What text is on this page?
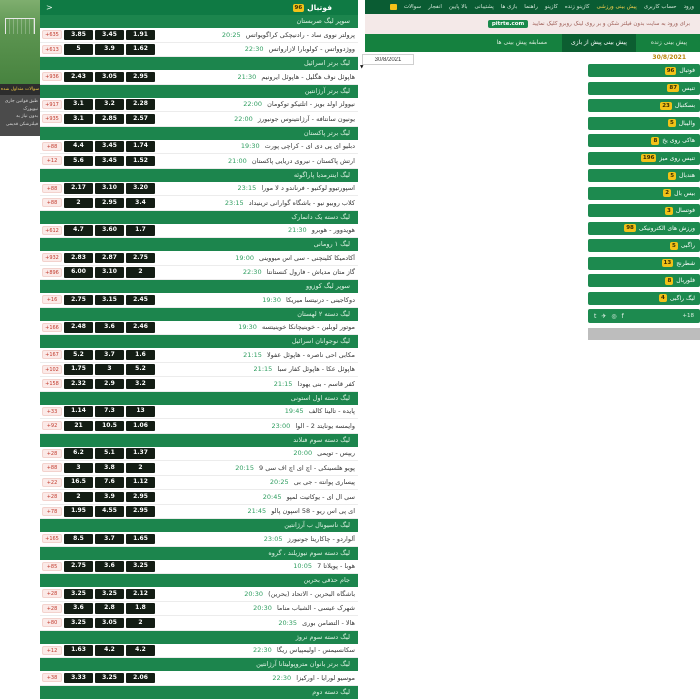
سوالات متداول شده
طبق قوانین جاری نیویورک
بدون نیاز به فیلترشکن قدیمی
فوتبال
96
<
سوپر لیگ صربستان
+635	3.85	3.45	1.91	پرولتر نووی ساد - رادنیچکی کراگویواتس 20:25
+613	5	3.9	1.62	ووژدوواتس - کولوبارا لازارواتس 22:30
لیگ برتر اسرائیل
+936	2.43	3.05	2.95	هاپوئل نوف هگلیل - هاپوئل ایرونیم 21:30
لیگ برتر آرژانتین
+917	3.1	3.2	2.28	نیوولز اولد بویز - اتلتیکو توکومان 22:00
+935	3.1	2.85	2.57	یونیون سانتافه - آرژانتینوس جونیورز 22:00
لیگ برتر پاکستان
+88	4.4	3.45	1.74	دبلیو ای پی دی ای - کراچی پورت 19:30
+12	5.6	3.45	1.52	ارتش پاکستان - نیروی دریایی پاکستان 21:00
لیگ اینترمدیا پاراگوئه
+88	2.17	3.10	3.20	اسپورتیوو لوکنیو - فرناندو د لا مورا 23:15
+88	2	2.95	3.4	کلاب روبیو نیو - باشگاه گوارانی ترینیداد 23:15
لیگ دسته یک دانمارک
+612	4.7	3.60	1.7	هویدوور - هوبرو 21:30
لیگ ۱ رومانی
+932	2.83	2.87	2.75	آکادمیکا کلینچنی - سی اس میووینی 19:00
+896	6.00	3.10	2	گاز متان مدیاش - فارول کنستانتا 22:30
سوپر لیگ کوزوو
+16	2.75	3.15	2.45	دوکاجینی - درنیتسا میریکا 19:30
لیگ دسته ۲ لهستان
+166	2.48	3.6	2.46	موتور لوبلین - خوینیچانکا خوینیتسه 19:30
لیگ نوجوانان اسرائیل
+167	5.2	3.7	1.6	مکابی احی ناصره - هاپوئل عفولا 21:15
+102	1.75	3	5.2	هاپوئل عکا - هاپوئل کفار سبا 21:15
+158	2.32	2.9	3.2	کفر قاسم - بنی یهودا 21:15
لیگ دسته اول استونی
+33	1.14	7.3	13	پایده - تالینا کالف 19:45
+92	21	10.5	1.06	وایمسه یونایتد 2 - الوا 23:00
لیگ دسته سوم فنلاند
+28	6.2	5.1	1.37	ریپس - تویمی 20:00
+88	3	3.8	2	پویو هلسینکی - اچ ای اچ اف سی 9 20:15
+22	16.5	7.6	1.12	پیساری پوانته - جی بی 20:25
+28	2	3.9	2.95	سی ال ای - یوکاتیت لمپو 20:45
+78	1.95	4.55	2.95	ای پی اس ریو - 58 اسپون پالو 21:45
لیگ ناسیونال ب آرژانتین
+165	8.5	3.7	1.65	آلواردو - چاکاریتا جونیورز 23:05
لیگ دسته سوم نیوزیلند ، گروه
+85	2.75	3.6	3.25	هوبا - پویلاتا 7 10:05
جام حذفی بحرین
+28	3.25	3.25	2.12	باشگاه البحرین - الاتحاد (بحرین) 20:30
+28	3.6	2.8	1.8	شهرک عیسی - الشباب مناما 20:30
+80	3.25	3.05	2	هالا - التضامن بوری 20:35
لیگ دسته سوم نروژ
+12	1.63	4.2	4.2	سکانسیمس - اولیمپیاس ریگا 22:30
لیگ برتر بانوان متروپولیتانا آرژانتین
+38	3.33	3.25	2.06	موسیو لورایا - اورکیزا 22:30
لیگ دسته دوم
ورود
حساب کاربری
پیش بینی ورزشی
کازینو زنده
کازینو
راهنما
بازی ها
پشتیبانی
بالا پایین
انفجار
سوالات
برای ورود به سایت بدون فیلتر شکن و بر روی لینک روبرو کلیک نمایید
pitrte.com
پیش بینی زنده
پیش بینی پیش از بازی
مسابقه پیش بینی ها
30/8/2021
▼
30/8/2021
فوتبال
96
تنیس
87
بسکتبال
23
والیبال
5
هاکی روی یخ
8
تنیس روی میز
196
هندبال
5
بیس بال
2
فوتسال
3
ورزش های الکترونیکی
98
راگبی
5
شطرنج
13
فلوربال
8
لیگ راگبی
4
t ✈ ◎ f	+18
